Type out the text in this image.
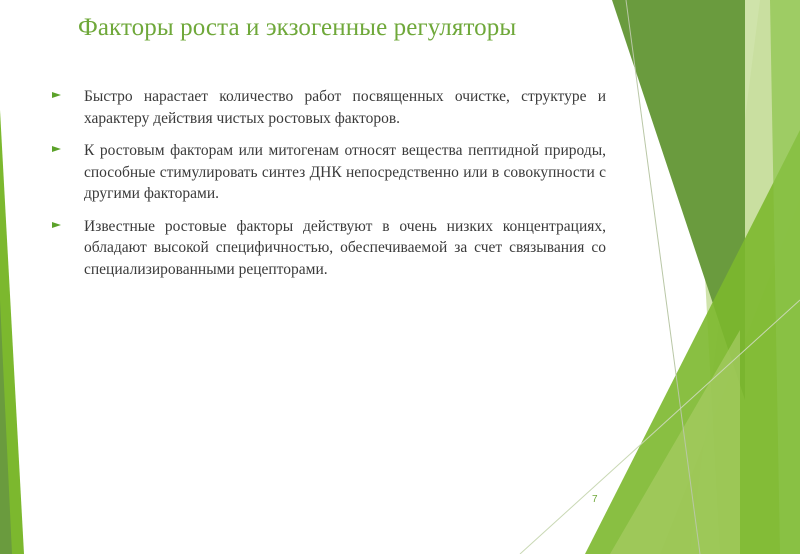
Факторы роста и экзогенные регуляторы
Быстро нарастает количество работ посвященных очистке, структуре и характеру действия чистых ростовых факторов.
К ростовым факторам или митогенам относят вещества пептидной природы, способные стимулировать синтез ДНК непосредственно или в совокупности с другими факторами.
Известные ростовые факторы действуют в очень низких концентрациях, обладают высокой специфичностью, обеспечиваемой за счет связывания со специализированными рецепторами.
7
